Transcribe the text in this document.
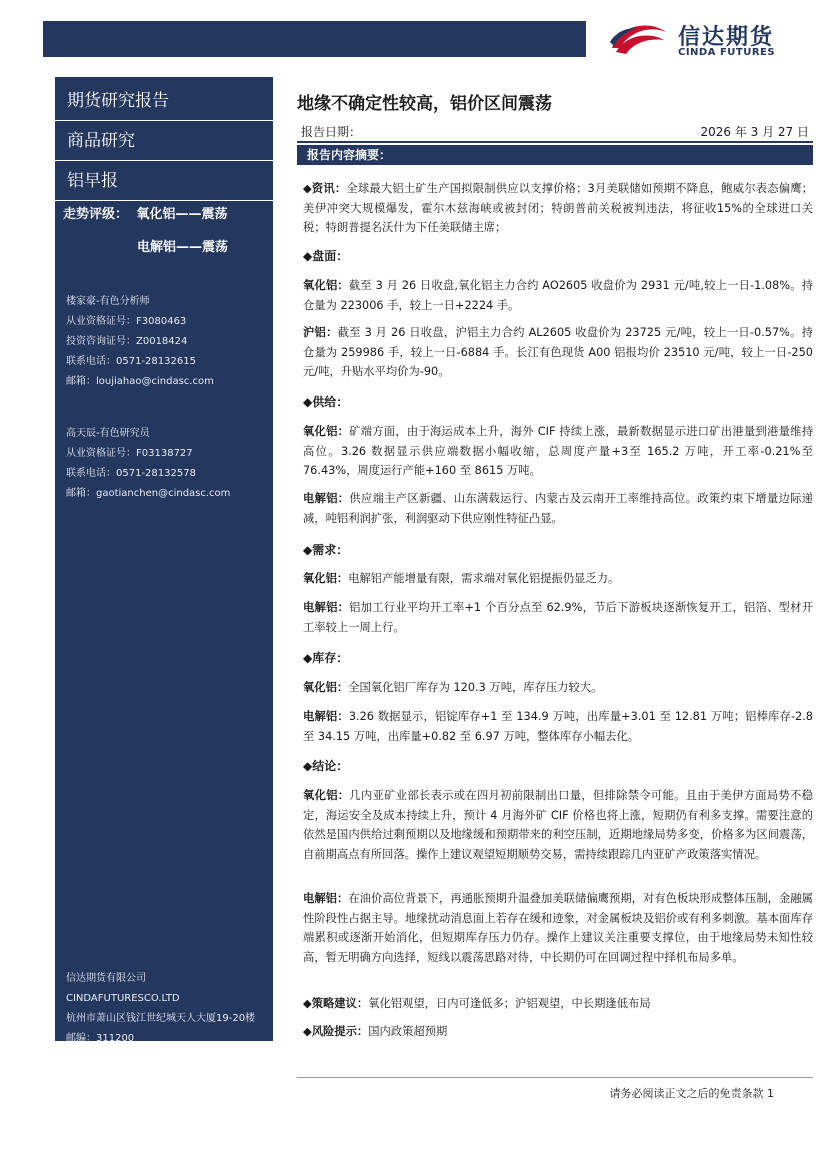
信达期货
CINDA FUTURES
期货研究报告
商品研究
铝早报
走势评级： 氧化铝——震荡
电解铝——震荡
楼家豪-有色分析师
从业资格证号：F3080463
投资咨询证号：Z0018424
联系电话：0571-28132615
邮箱：loujiahao@cindasc.com
高天辰-有色研究员
从业资格证号：F03138727
联系电话：0571-28132578
邮箱：gaotianchen@cindasc.com
信达期货有限公司
CINDAFUTURESCO.LTD
杭州市萧山区钱江世纪城天人大厦19-20楼
邮编：311200
地缘不确定性较高，铝价区间震荡
报告日期：	2026 年 3 月 27 日
报告内容摘要：
◆资讯：全球最大铝土矿生产国拟限制供应以支撑价格；3月美联储如预期不降息，鲍威尔表态偏鹰；美伊冲突大规模爆发，霍尔木兹海峡或被封闭；特朗普前关税被判违法，将征收15%的全球进口关税；特朗普提名沃什为下任美联储主席；
◆盘面：
氧化铝：截至 3 月 26 日收盘,氧化铝主力合约 AO2605 收盘价为 2931 元/吨,较上一日-1.08%。持仓量为 223006 手，较上一日+2224 手。
沪铝：截至 3 月 26 日收盘，沪铝主力合约 AL2605 收盘价为 23725 元/吨，较上一日-0.57%。持仓量为 259986 手，较上一日-6884 手。长江有色现货 A00 铝报均价 23510 元/吨，较上一日-250 元/吨，升贴水平均价为-90。
◆供给：
氧化铝：矿端方面，由于海运成本上升，海外 CIF 持续上涨，最新数据显示进口矿出港量到港量维持高位。3.26 数据显示供应端数据小幅收缩，总周度产量+3至 165.2 万吨，开工率-0.21%至 76.43%，周度运行产能+160 至 8615 万吨。
电解铝：供应端主产区新疆、山东满载运行、内蒙古及云南开工率维持高位。政策约束下增量边际递减，吨铝利润扩张，利润驱动下供应刚性特征凸显。
◆需求：
氧化铝：电解铝产能增量有限，需求端对氧化铝提振仍显乏力。
电解铝：铝加工行业平均开工率+1 个百分点至 62.9%，节后下游板块逐渐恢复开工，铝箔、型材开工率较上一周上行。
◆库存：
氧化铝：全国氧化铝厂库存为 120.3 万吨，库存压力较大。
电解铝：3.26 数据显示，铝锭库存+1 至 134.9 万吨，出库量+3.01 至 12.81 万吨；铝棒库存-2.8 至 34.15 万吨，出库量+0.82 至 6.97 万吨，整体库存小幅去化。
◆结论：
氧化铝：几内亚矿业部长表示或在四月初前限制出口量，但排除禁令可能。且由于美伊方面局势不稳定，海运安全及成本持续上升，预计 4 月海外矿 CIF 价格也将上涨，短期仍有利多支撑。需要注意的依然是国内供给过剩预期以及地缘缓和预期带来的利空压制，近期地缘局势多变，价格多为区间震荡，自前期高点有所回落。操作上建议观望短期顺势交易，需持续跟踪几内亚矿产政策落实情况。
电解铝：在油价高位背景下，再通胀预期升温叠加美联储偏鹰预期，对有色板块形成整体压制，金融属性阶段性占据主导。地缘扰动消息面上若存在缓和迹象，对金属板块及铝价或有利多刺激。基本面库存端累积或逐渐开始消化，但短期库存压力仍存。操作上建议关注重要支撑位，由于地缘局势未知性较高，暂无明确方向选择，短线以震荡思路对待，中长期仍可在回调过程中择机布局多单。
◆策略建议：氧化铝观望，日内可逢低多；沪铝观望，中长期逢低布局
◆风险提示：国内政策超预期
请务必阅读正文之后的免责条款 1
